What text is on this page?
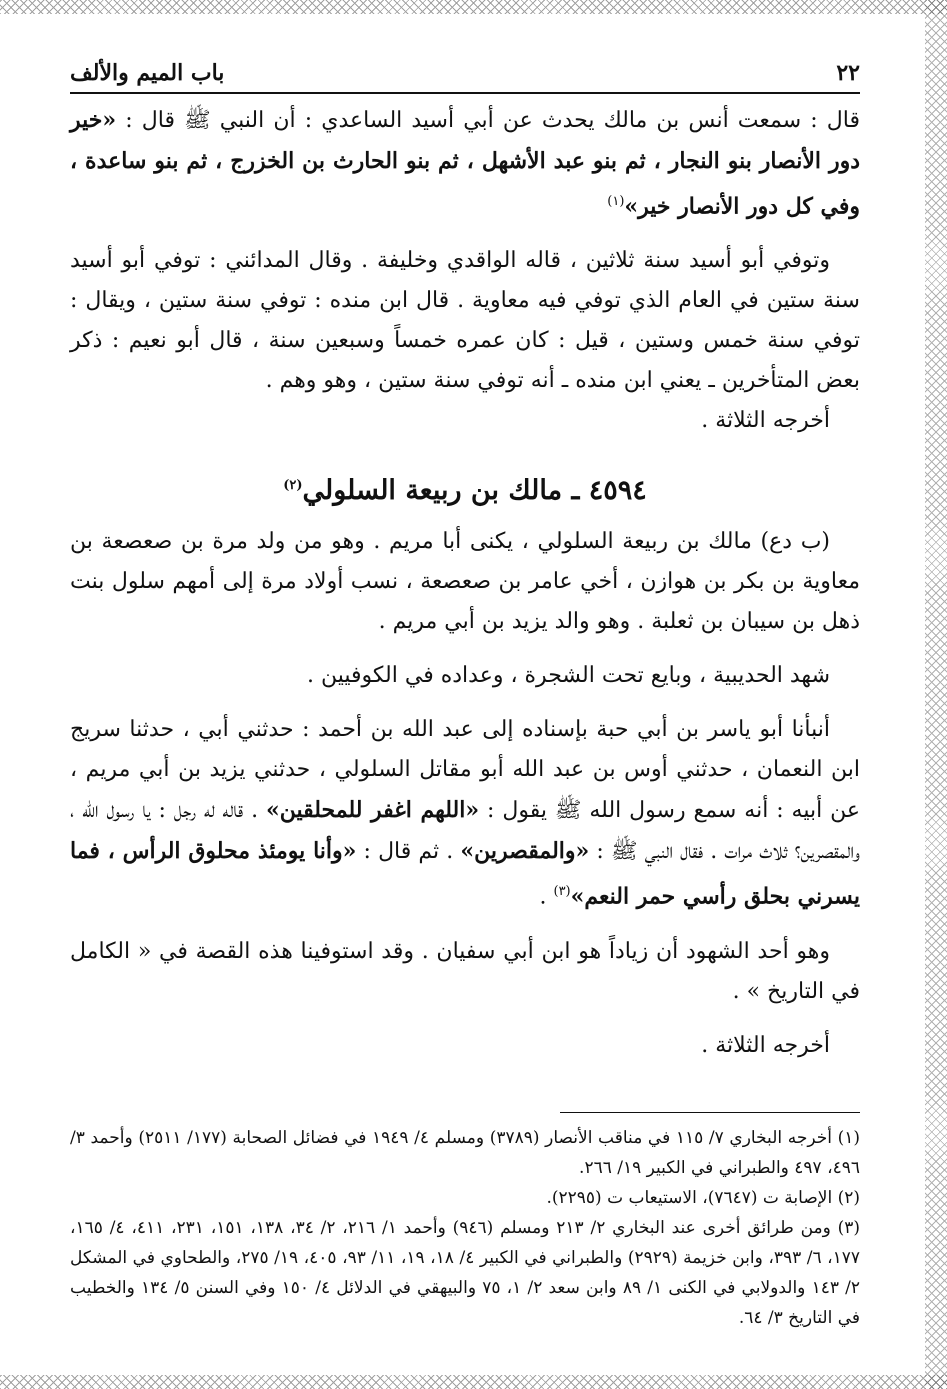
٢٢
باب الميم والألف

قال : سمعت أنس بن مالك يحدث عن أبي أسيد الساعدي : أن النبي ﷺ قال : «خير دور الأنصار بنو النجار ، ثم بنو عبد الأشهل ، ثم بنو الحارث بن الخزرج ، ثم بنو ساعدة ، وفي كل دور الأنصار خير»$^{(١)}$

وتوفي أبو أسيد سنة ثلاثين ، قاله الواقدي وخليفة . وقال المدائني : توفي أبو أسيد سنة ستين في العام الذي توفي فيه معاوية . قال ابن منده : توفي سنة ستين ، ويقال : توفي سنة خمس وستين ، قيل : كان عمره خمساً وسبعين سنة ، قال أبو نعيم : ذكر بعض المتأخرين ـ يعني ابن منده ـ أنه توفي سنة ستين ، وهو وهم .

أخرجه الثلاثة .

٤٥٩٤ ـ مالك بن ربيعة السلولي$^{(٢)}$

(ب دع) مالك بن ربيعة السلولي ، يكنى أبا مريم . وهو من ولد مرة بن صعصعة بن معاوية بن بكر بن هوازن ، أخي عامر بن صعصعة ، نسب أولاد مرة إلى أمهم سلول بنت ذهل بن سيبان بن ثعلبة . وهو والد يزيد بن أبي مريم .

شهد الحديبية ، وبايع تحت الشجرة ، وعداده في الكوفيين .

أنبأنا أبو ياسر بن أبي حبة بإسناده إلى عبد الله بن أحمد : حدثني أبي ، حدثنا سريج ابن النعمان ، حدثني أوس بن عبد الله أبو مقاتل السلولي ، حدثني يزيد بن أبي مريم ، عن أبيه : أنه سمع رسول الله ﷺ يقول : «اللهم اغفر للمحلقين» . قاله له رجل : يا رسول الله ، والمقصرين؟ ثلاث مرات . فقال النبي ﷺ : «والمقصرين» . ثم قال : «وأنا يومئذ محلوق الرأس ، فما يسرني بحلق رأسي حمر النعم»$^{(٣)}$ .

وهو أحد الشهود أن زياداً هو ابن أبي سفيان . وقد استوفينا هذه القصة في « الكامل في التاريخ » .

أخرجه الثلاثة .

(١) أخرجه البخاري ٧/ ١١٥ في مناقب الأنصار (٣٧٨٩) ومسلم ٤/ ١٩٤٩ في فضائل الصحابة (١٧٧/ ٢٥١١) وأحمد ٣/ ٤٩٦، ٤٩٧ والطبراني في الكبير ١٩/ ٢٦٦.
(٢) الإصابة ت (٧٦٤٧)، الاستيعاب ت (٢٢٩٥).
(٣) ومن طرائق أخرى عند البخاري ٢/ ٢١٣ ومسلم (٩٤٦) وأحمد ١/ ٢١٦، ٢/ ٣٤، ١٣٨، ١٥١، ٢٣١، ٤١١، ٤/ ١٦٥، ١٧٧، ٦/ ٣٩٣، وابن خزيمة (٢٩٢٩) والطبراني في الكبير ٤/ ١٨، ١٩، ١١/ ٩٣، ٤٠٥، ١٩/ ٢٧٥، والطحاوي في المشكل ٢/ ١٤٣ والدولابي في الكنى ١/ ٨٩ وابن سعد ٢/ ١، ٧٥ والبيهقي في الدلائل ٤/ ١٥٠ وفي السنن ٥/ ١٣٤ والخطيب في التاريخ ٣/ ٦٤.
